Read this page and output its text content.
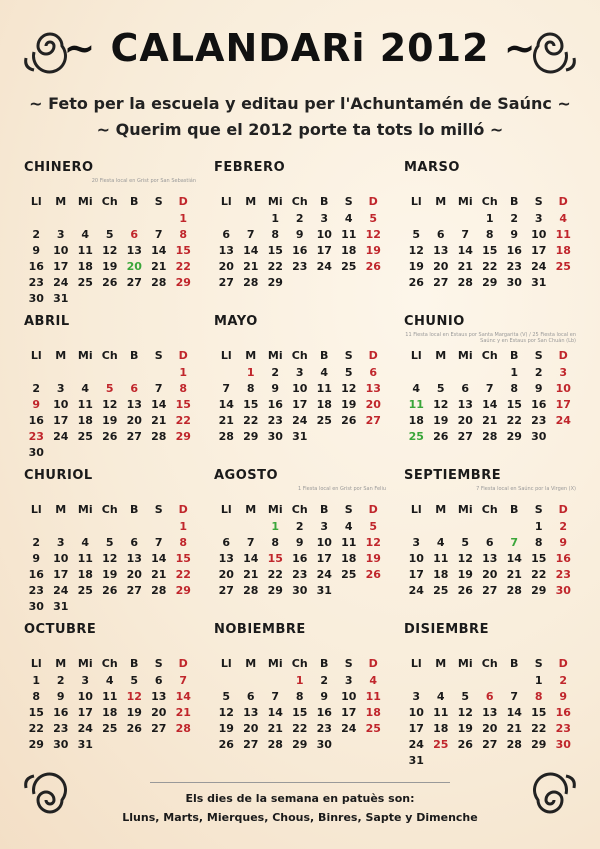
~ CALANDARi 2012 ~
~ Feto per la escuela y editau per l'Achuntamén de Saúnc ~
~ Querim que el 2012 porte ta tots lo milló ~
CHINERO
20 Fiesta local en Grist por San Sebastián
Ll	M	Mi	Ch	B	S	D
						1
2	3	4	5	6	7	8
9	10	11	12	13	14	15
16	17	18	19	20	21	22
23	24	25	26	27	28	29
30	31					
FEBRERO
Ll	M	Mi	Ch	B	S	D
		1	2	3	4	5
6	7	8	9	10	11	12
13	14	15	16	17	18	19
20	21	22	23	24	25	26
27	28	29				
MARSO
Ll	M	Mi	Ch	B	S	D
			1	2	3	4
5	6	7	8	9	10	11
12	13	14	15	16	17	18
19	20	21	22	23	24	25
26	27	28	29	30	31	
ABRIL
Ll	M	Mi	Ch	B	S	D
						1
2	3	4	5	6	7	8
9	10	11	12	13	14	15
16	17	18	19	20	21	22
23	24	25	26	27	28	29
30						
MAYO
Ll	M	Mi	Ch	B	S	D
	1	2	3	4	5	6
7	8	9	10	11	12	13
14	15	16	17	18	19	20
21	22	23	24	25	26	27
28	29	30	31			
CHUNIO
11 Fiesta local en Estaus por Santa Margarita (V) / 25 Fiesta local en Saúnc y en Estaus por San Chuán (Lb)
Ll	M	Mi	Ch	B	S	D
				1	2	3
4	5	6	7	8	9	10
11	12	13	14	15	16	17
18	19	20	21	22	23	24
25	26	27	28	29	30	
CHURIOL
Ll	M	Mi	Ch	B	S	D
						1
2	3	4	5	6	7	8
9	10	11	12	13	14	15
16	17	18	19	20	21	22
23	24	25	26	27	28	29
30	31					
AGOSTO
1 Fiesta local en Grist por San Feliu
Ll	M	Mi	Ch	B	S	D
		1	2	3	4	5
6	7	8	9	10	11	12
13	14	15	16	17	18	19
20	21	22	23	24	25	26
27	28	29	30	31		
SEPTIEMBRE
7 Fiesta local en Saúnc por la Virgen (X)
Ll	M	Mi	Ch	B	S	D
					1	2
3	4	5	6	7	8	9
10	11	12	13	14	15	16
17	18	19	20	21	22	23
24	25	26	27	28	29	30
OCTUBRE
Ll	M	Mi	Ch	B	S	D
1	2	3	4	5	6	7
8	9	10	11	12	13	14
15	16	17	18	19	20	21
22	23	24	25	26	27	28
29	30	31				
NOBIEMBRE
Ll	M	Mi	Ch	B	S	D
			1	2	3	4
5	6	7	8	9	10	11
12	13	14	15	16	17	18
19	20	21	22	23	24	25
26	27	28	29	30		
DISIEMBRE
Ll	M	Mi	Ch	B	S	D
					1	2
3	4	5	6	7	8	9
10	11	12	13	14	15	16
17	18	19	20	21	22	23
24	25	26	27	28	29	30
31						
Els dies de la semana en patuès son:
Lluns, Marts, Mierques, Chous, Binres, Sapte y Dimenche
